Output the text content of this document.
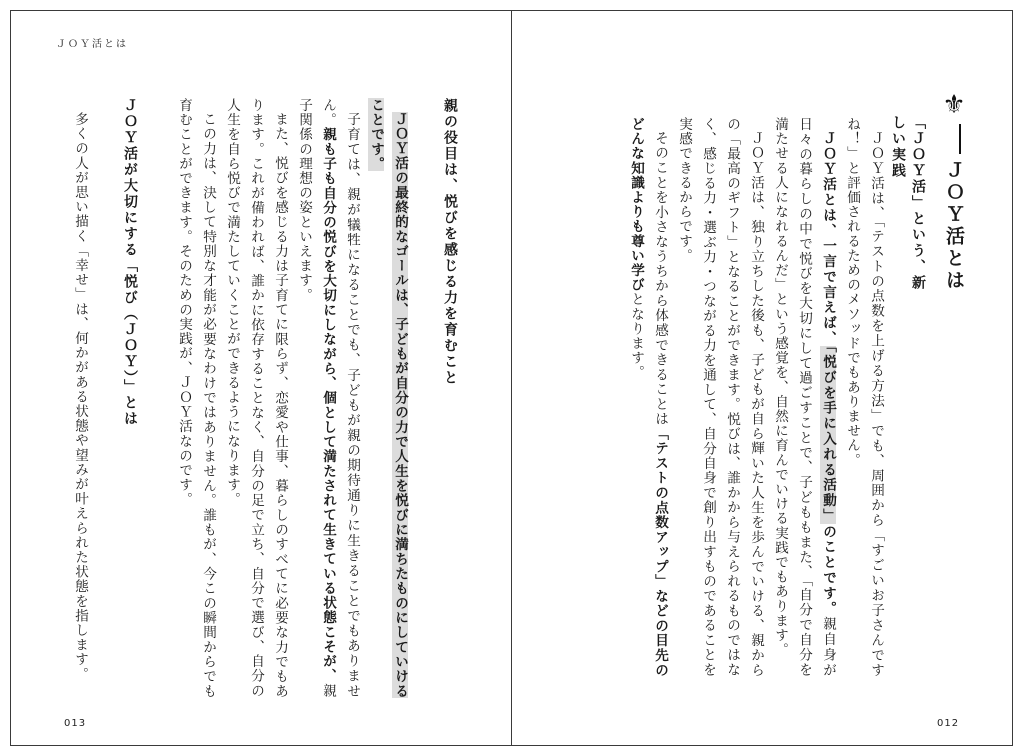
ＪＯＹ活とは
親の役目は、悦びを感じる力を育むこと

ＪＯＹ活の最終的なゴールは、子どもが自分の力で人生を悦びに満ちたものにしていけることです。

子育ては、親が犠牲になることでも、子どもが親の期待通りに生きることでもありません。親も子も自分の悦びを大切にしながら、個として満たされて生きている状態こそが、親子関係の理想の姿といえます。

また、悦びを感じる力は子育てに限らず、恋愛や仕事、暮らしのすべてに必要な力でもあります。これが備われば、誰かに依存することなく、自分の足で立ち、自分で選び、自分の人生を自ら悦びで満たしていくことができるようになります。

この力は、決して特別な才能が必要なわけではありません。誰もが、今この瞬間からでも育むことができます。そのための実践が、ＪＯＹ活なのです。

ＪＯＹ活が大切にする「悦び（ＪＯＹ）」とは

多くの人が思い描く「幸せ」は、何かがある状態や望みが叶えられた状態を指します。

013
⚜
ＪＯＹ活とは
「ＪＯＹ活」という、新しい実践

ＪＯＹ活は、「テストの点数を上げる方法」でも、周囲から「すごいお子さんですね！」と評価されるためのメソッドでもありません。

ＪＯＹ活とは、一言で言えば、「悦びを手に入れる活動」のことです。親自身が日々の暮らしの中で悦びを大切にして過ごすことで、子どももまた、「自分で自分を満たせる人になれるんだ」という感覚を、自然に育んでいける実践でもあります。

ＪＯＹ活は、独り立ちした後も、子どもが自ら輝いた人生を歩んでいける、親からの「最高のギフト」となることができます。悦びは、誰かから与えられるものではなく、感じる力・選ぶ力・つながる力を通して、自分自身で創り出すものであることを実感できるからです。

そのことを小さなうちから体感できることは「テストの点数アップ」などの目先のどんな知識よりも尊い学びとなります。

012
